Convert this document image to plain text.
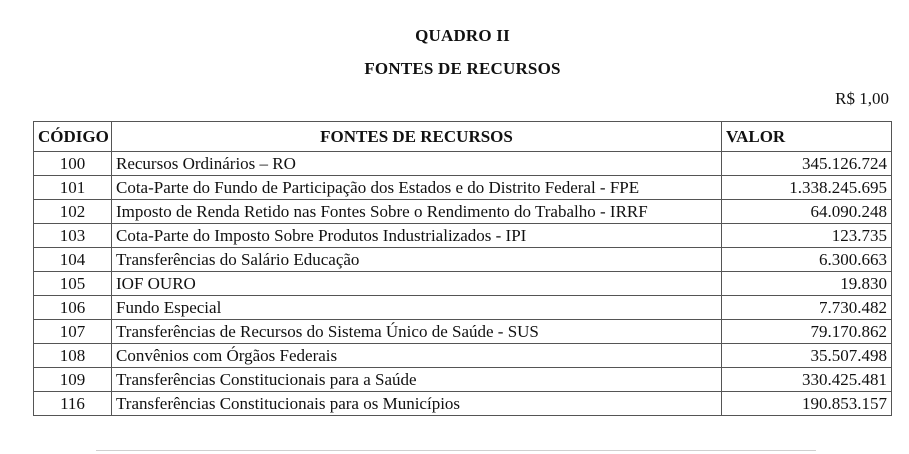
QUADRO II
FONTES DE RECURSOS
R$ 1,00
CÓDIGO	FONTES DE RECURSOS	VALOR
100	Recursos Ordinários – RO	345.126.724
101	Cota-Parte do Fundo de Participação dos Estados e do Distrito Federal - FPE	1.338.245.695
102	Imposto de Renda Retido nas Fontes Sobre o Rendimento do Trabalho - IRRF	64.090.248
103	Cota-Parte do Imposto Sobre Produtos Industrializados - IPI	123.735
104	Transferências do Salário Educação	6.300.663
105	IOF OURO	19.830
106	Fundo Especial	7.730.482
107	Transferências de Recursos do Sistema Único de Saúde - SUS	79.170.862
108	Convênios com Órgãos Federais	35.507.498
109	Transferências Constitucionais para a Saúde	330.425.481
116	Transferências Constitucionais para os Municípios	190.853.157
